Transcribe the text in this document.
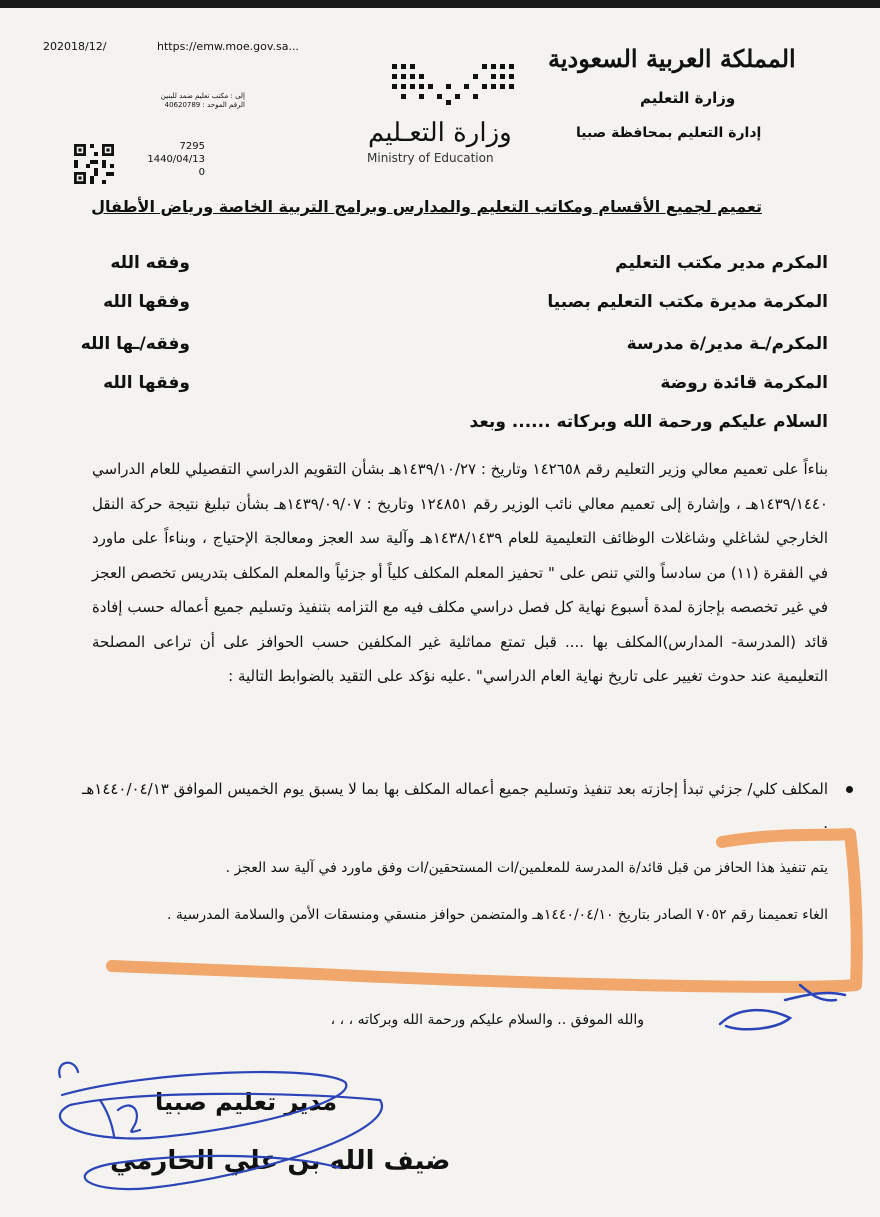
202018/12/	https://emw.moe.gov.sa...
إلى : مكتب تعليم ضمد للبنين
الرقم الموحد : 40620789
7295
1440/04/13
0
وزارة التعـليم
Ministry of Education
المملكة العربية السعودية
وزارة التعليم
إدارة التعليم بمحافظة صبيا
تعميم لجميع الأقسام ومكاتب التعليم والمدارس وبرامج التربية الخاصة ورياض الأطفال
المكرم مدير مكتب التعليم
وفقه الله
المكرمة مديرة مكتب التعليم بصبيا
وفقها الله
المكرم/ـة مدير/ة مدرسة
وفقه/ـها الله
المكرمة قائدة روضة
وفقها الله
السلام عليكم ورحمة الله وبركاته ...... وبعد

بناءاً على تعميم معالي وزير التعليم رقم ١٤٢٦٥٨ وتاريخ : ١٤٣٩/١٠/٢٧هـ بشأن التقويم الدراسي التفصيلي للعام الدراسي ١٤٣٩/١٤٤٠هـ ، وإشارة إلى تعميم معالي نائب الوزير رقم ١٢٤٨٥١ وتاريخ : ١٤٣٩/٠٩/٠٧هـ بشأن تبليغ نتيجة حركة النقل الخارجي لشاغلي وشاغلات الوظائف التعليمية للعام ١٤٣٨/١٤٣٩هـ وآلية سد العجز ومعالجة الإحتياج ، وبناءاً على ماورد في الفقرة (١١) من سادساً والتي تنص على " تحفيز المعلم المكلف كلياً أو جزئياً والمعلم المكلف بتدريس تخصص العجز في غير تخصصه بإجازة لمدة أسبوع نهاية كل فصل دراسي مكلف فيه مع التزامه بتنفيذ وتسليم جميع أعماله حسب إفادة قائد (المدرسة- المدارس)المكلف بها .... قبل تمتع مماثلية غير المكلفين حسب الحوافز على أن تراعى المصلحة التعليمية عند حدوث تغيير على تاريخ نهاية العام الدراسي" .عليه نؤكد على التقيد بالضوابط التالية :

المكلف كلي/ جزئي تبدأ إجازته بعد تنفيذ وتسليم جميع أعماله المكلف بها بما لا يسبق يوم الخميس الموافق ١٤٤٠/٠٤/١٣هـ .
يتم تنفيذ هذا الحافز من قبل قائد/ة المدرسة للمعلمين/ات المستحقين/ات وفق ماورد في آلية سد العجز .
الغاء تعميمنا رقم ٧٠٥٢ الصادر بتاريخ ١٤٤٠/٠٤/١٠هـ والمتضمن حوافز منسقي ومنسقات الأمن والسلامة المدرسية .
والله الموفق .. والسلام عليكم ورحمة الله وبركاته ، ، ،
مدير تعليم صبيا
ضيف الله بن علي الحازمي
